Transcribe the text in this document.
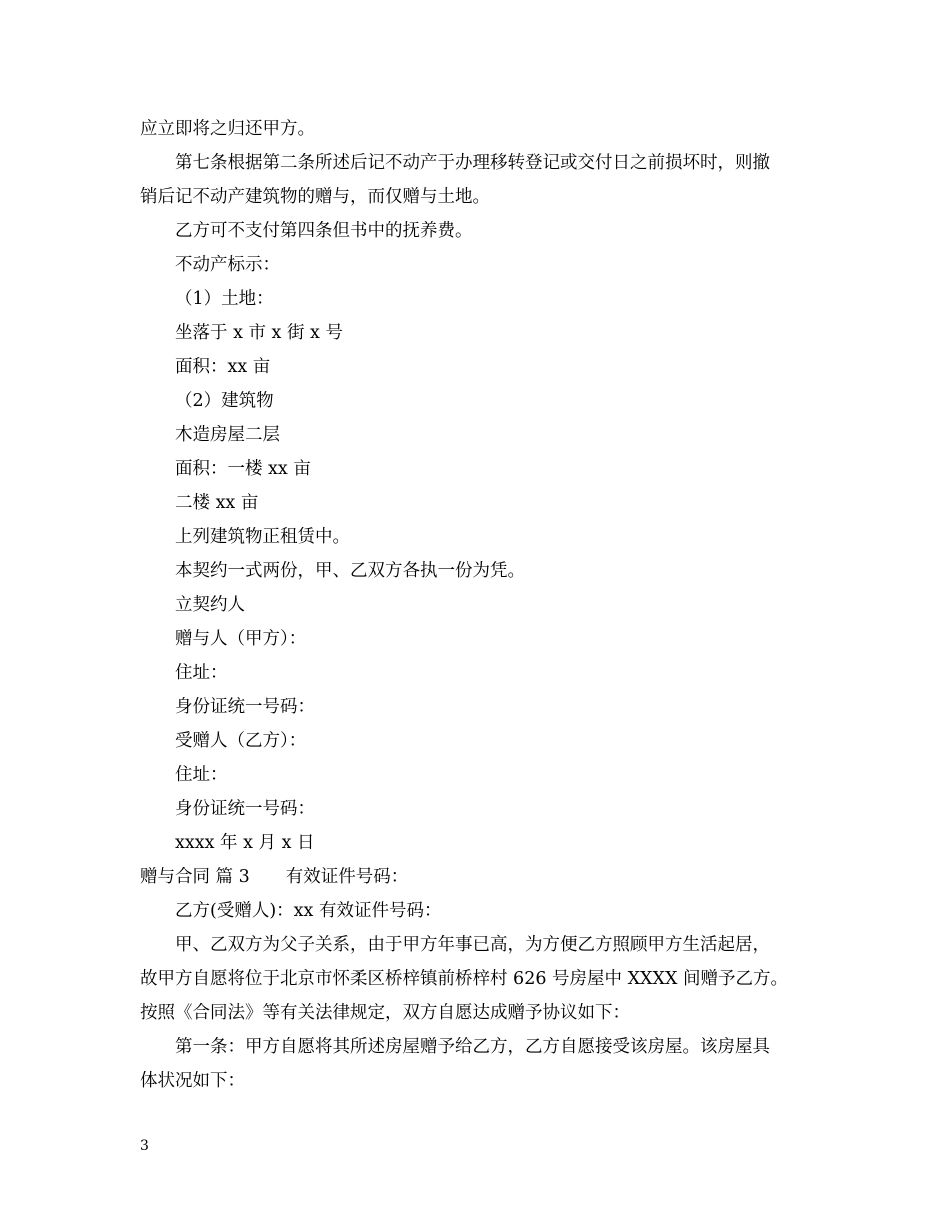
应立即将之归还甲方。

第七条根据第二条所述后记不动产于办理移转登记或交付日之前损坏时，则撤

销后记不动产建筑物的赠与，而仅赠与土地。

乙方可不支付第四条但书中的抚养费。

不动产标示：

（1）土地：

坐落于 x 市 x 街 x 号

面积：xx 亩

（2）建筑物

木造房屋二层

面积：一楼 xx 亩

二楼 xx 亩

上列建筑物正租赁中。

本契约一式两份，甲、乙双方各执一份为凭。

立契约人

赠与人（甲方）：

住址：

身份证统一号码：

受赠人（乙方）：

住址：

身份证统一号码：

xxxx 年 x 月 x 日

赠与合同 篇 3 有效证件号码：

乙方(受赠人)：xx 有效证件号码：

甲、乙双方为父子关系，由于甲方年事已高，为方便乙方照顾甲方生活起居，

故甲方自愿将位于北京市怀柔区桥梓镇前桥梓村 626 号房屋中 XXXX 间赠予乙方。

按照《合同法》等有关法律规定，双方自愿达成赠予协议如下：

第一条：甲方自愿将其所述房屋赠予给乙方，乙方自愿接受该房屋。该房屋具

体状况如下：

3
